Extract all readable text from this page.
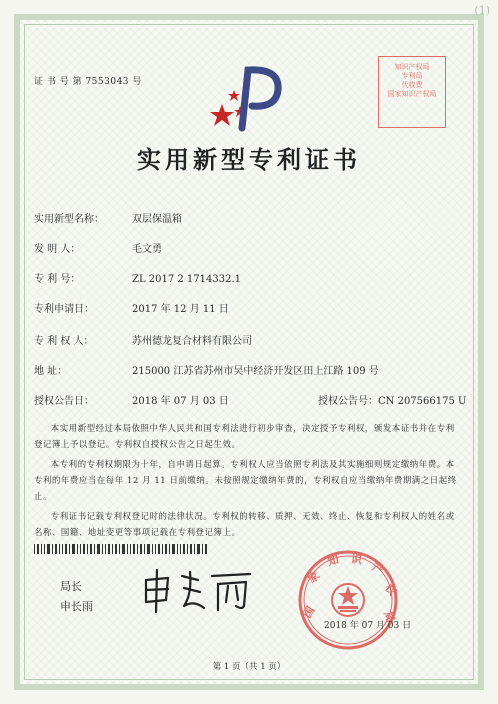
(1)
证 书 号 第 7553043 号
知识产权局
专利局
代收费
国家知识产权局
实用新型专利证书
实用新型名称：	双层保温箱
发 明 人：	毛文勇
专 利 号：	ZL 2017 2 1714332.1
专利申请日：	2017 年 12 月 11 日
专 利 权 人：	苏州德龙复合材料有限公司
地 址：	215000 江苏省苏州市吴中经济开发区田上江路 109 号
授权公告日：	2018 年 07 月 03 日	授权公告号：CN 207566175 U
本实用新型经过本局依照中华人民共和国专利法进行初步审查，决定授予专利权，颁发本证书并在专利登记簿上予以登记。专利权自授权公告之日起生效。
本专利的专利权期限为十年，自申请日起算。专利权人应当依照专利法及其实施细则规定缴纳年费。本专利的年费应当在每年 12 月 11 日前缴纳。未按照规定缴纳年费的，专利权自应当缴纳年费期满之日起终止。
专利证书记载专利权登记时的法律状况。专利权的转移、质押、无效、终止、恢复和专利权人的姓名或名称、国籍、地址变更等事项记载在专利登记簿上。
局长
申长雨	国
家
知 识
产
权
局
2018 年 07 月 03 日
第 1 页（共 1 页）
